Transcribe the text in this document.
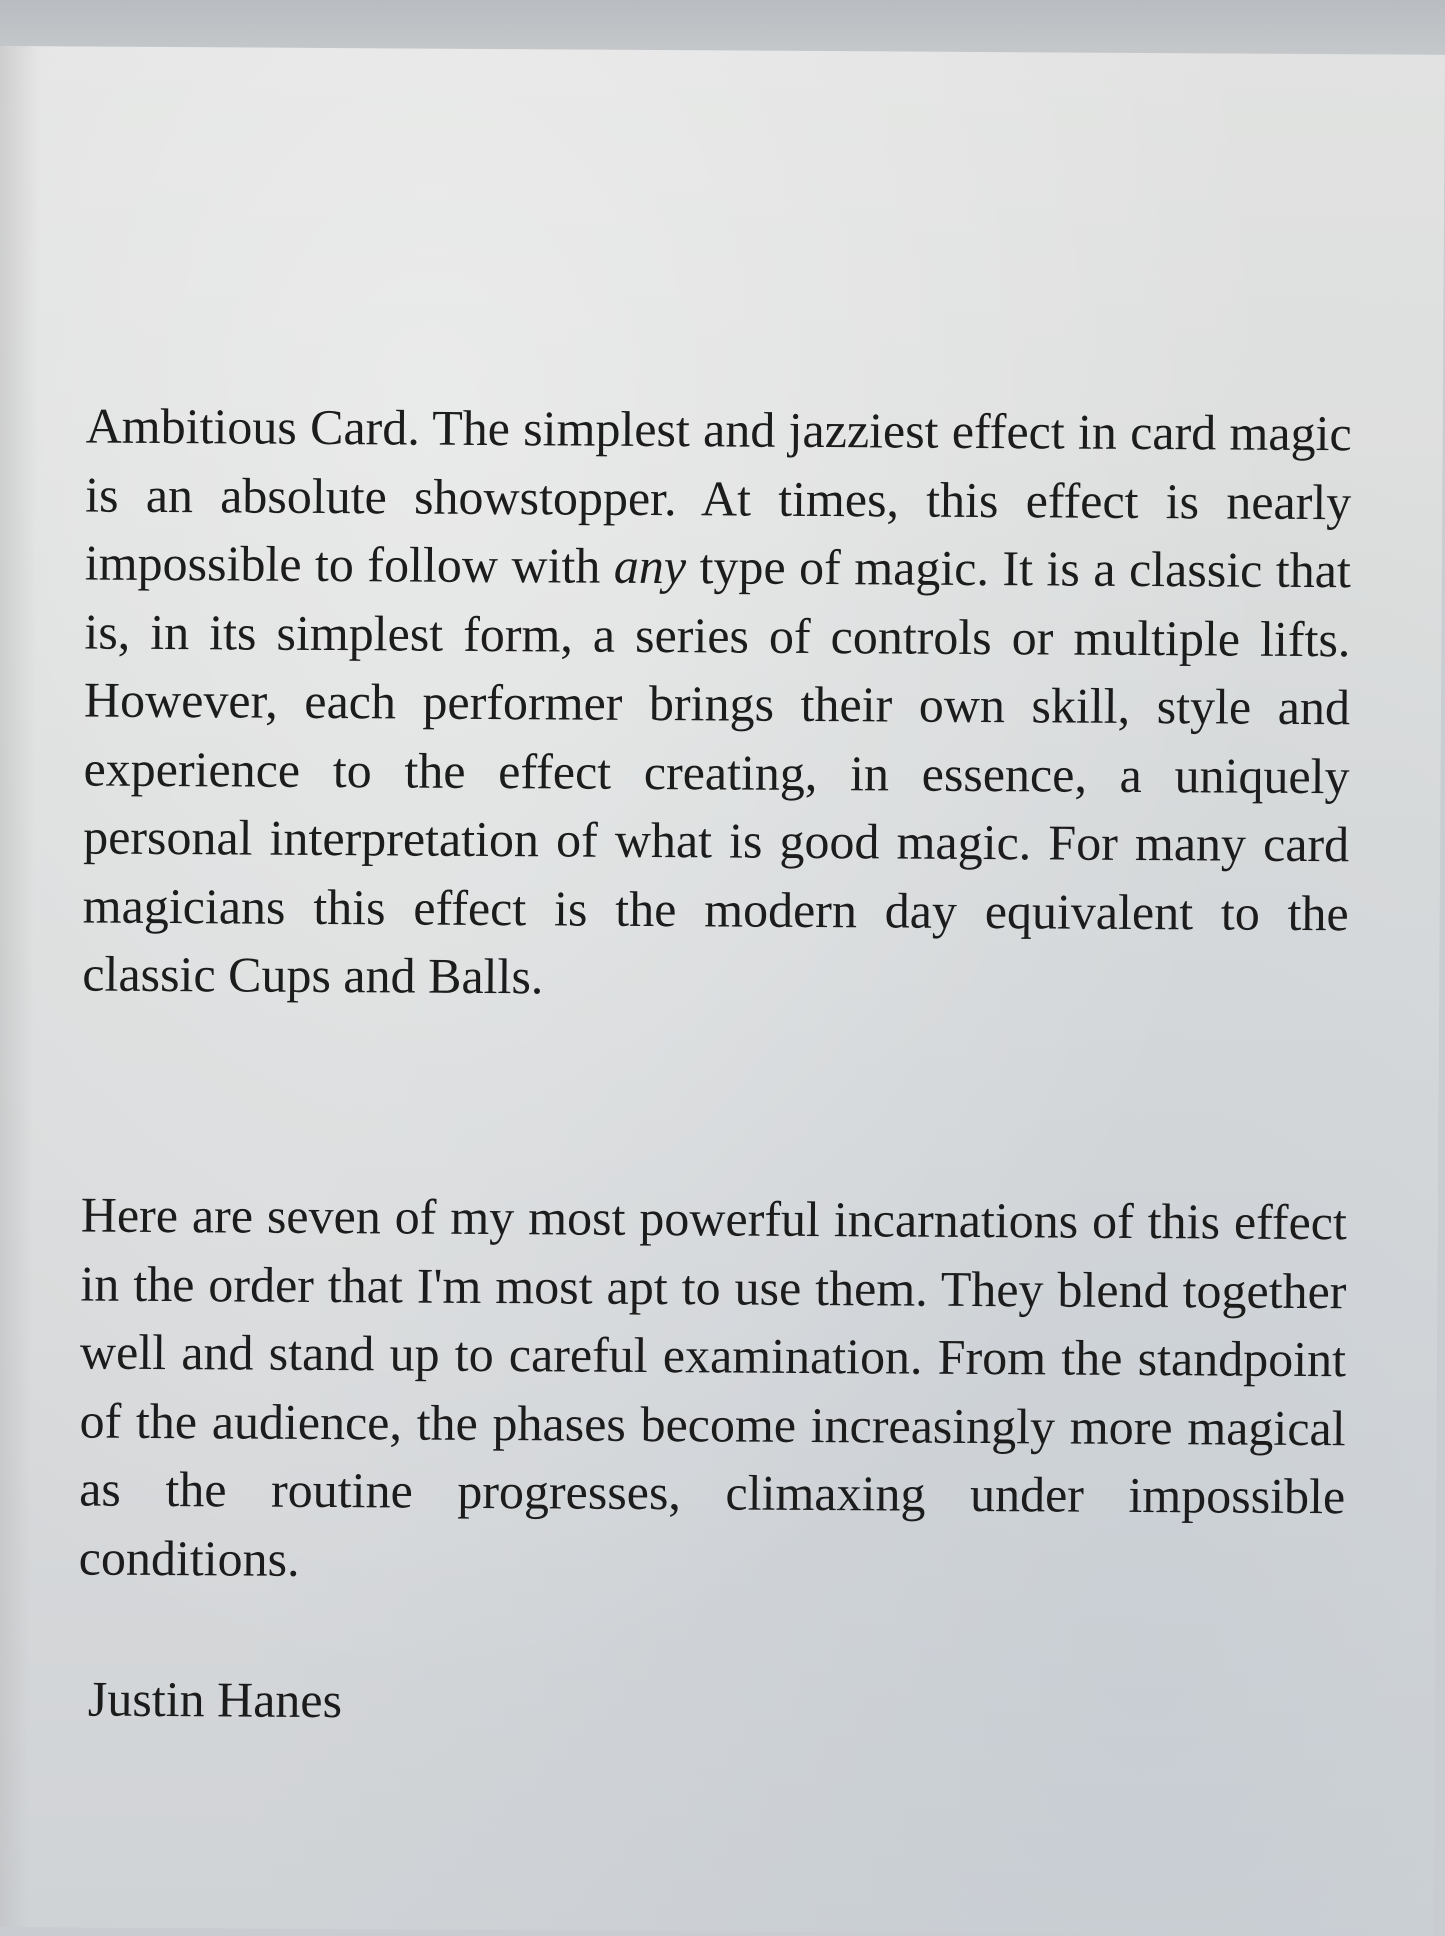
Ambitious Card. The simplest and jazziest effect in card magic is an absolute showstopper. At times, this effect is nearly impossible to follow with any type of magic. It is a classic that is, in its simplest form, a series of controls or multiple lifts. However, each performer brings their own skill, style and experience to the effect creating, in essence, a uniquely personal interpretation of what is good magic. For many card magicians this effect is the modern day equivalent to the classic Cups and Balls.
Here are seven of my most powerful incarnations of this effect in the order that I'm most apt to use them. They blend together well and stand up to careful examination. From the standpoint of the audience, the phases become increasingly more magical as the routine progresses, climaxing under impossible conditions.
Justin Hanes
